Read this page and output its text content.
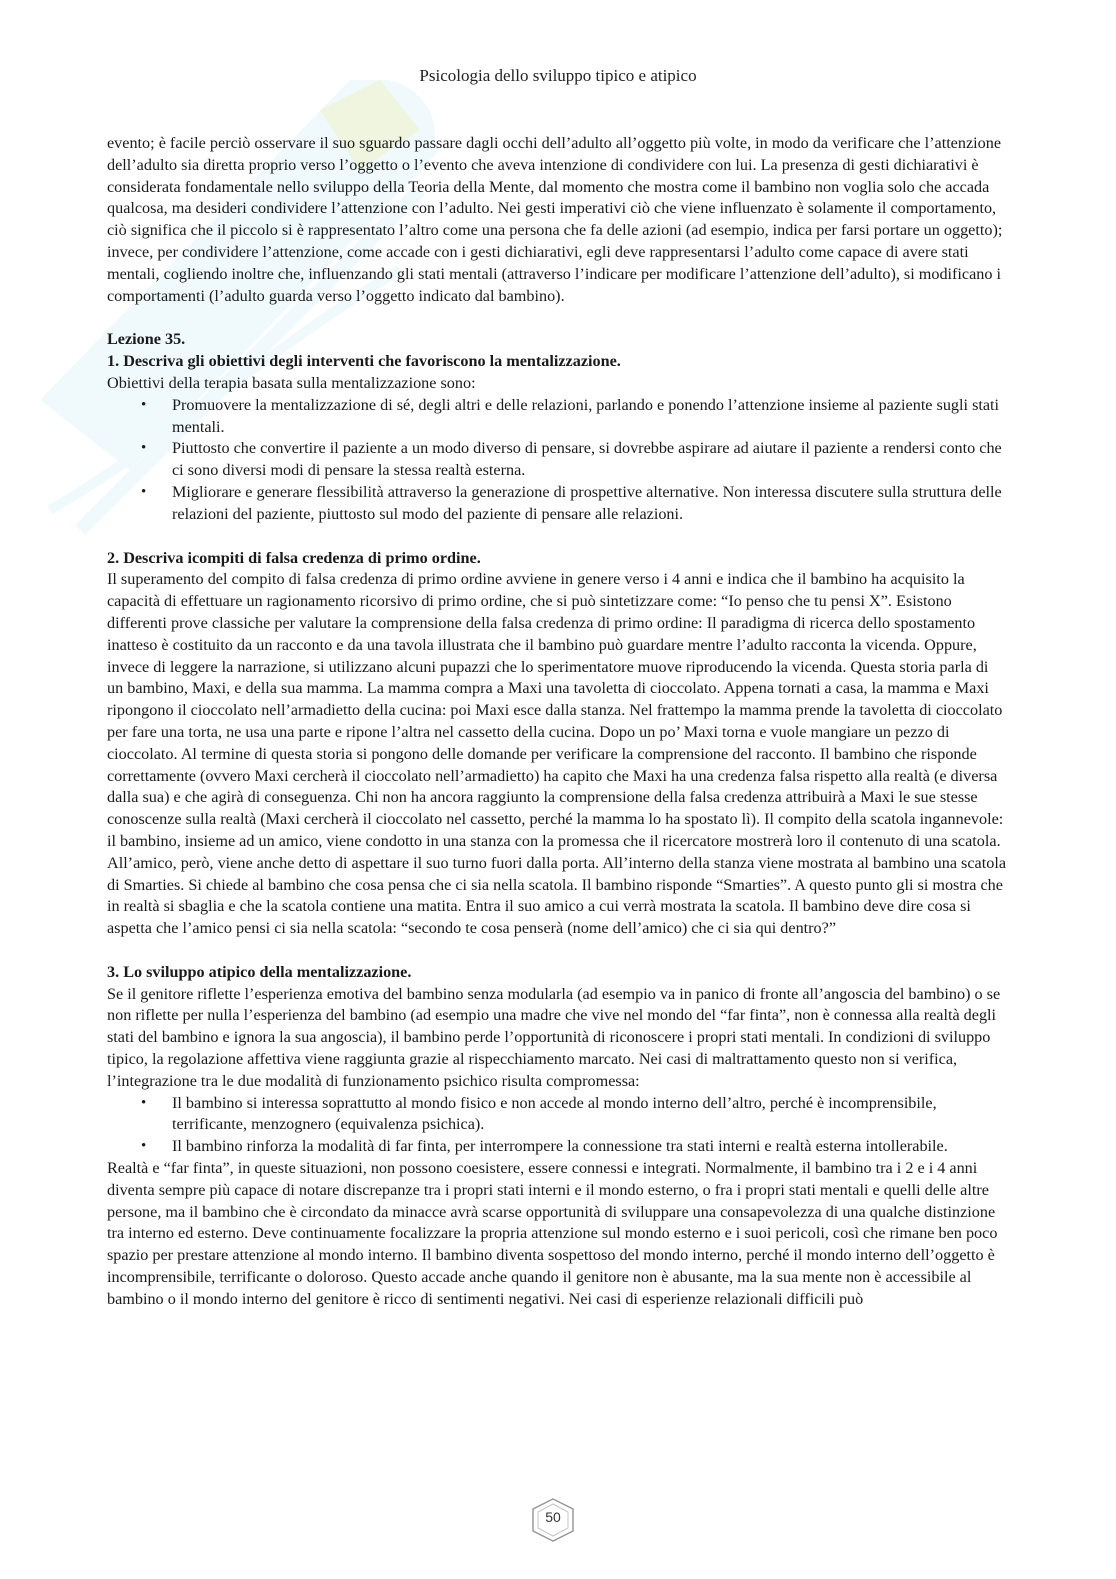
Psicologia dello sviluppo tipico e atipico

evento; è facile perciò osservare il suo sguardo passare dagli occhi dell’adulto all’oggetto più volte, in modo da verificare che l’attenzione dell’adulto sia diretta proprio verso l’oggetto o l’evento che aveva intenzione di condividere con lui. La presenza di gesti dichiarativi è considerata fondamentale nello sviluppo della Teoria della Mente, dal momento che mostra come il bambino non voglia solo che accada qualcosa, ma desideri condividere l’attenzione con l’adulto. Nei gesti imperativi ciò che viene influenzato è solamente il comportamento, ciò significa che il piccolo si è rappresentato l’altro come una persona che fa delle azioni (ad esempio, indica per farsi portare un oggetto); invece, per condividere l’attenzione, come accade con i gesti dichiarativi, egli deve rappresentarsi l’adulto come capace di avere stati mentali, cogliendo inoltre che, influenzando gli stati mentali (attraverso l’indicare per modificare l’attenzione dell’adulto), si modificano i comportamenti (l’adulto guarda verso l’oggetto indicato dal bambino).

Lezione 35.

1. Descriva gli obiettivi degli interventi che favoriscono la mentalizzazione.

Obiettivi della terapia basata sulla mentalizzazione sono:

• Promuovere la mentalizzazione di sé, degli altri e delle relazioni, parlando e ponendo l’attenzione insieme al paziente sugli stati mentali.
• Piuttosto che convertire il paziente a un modo diverso di pensare, si dovrebbe aspirare ad aiutare il paziente a rendersi conto che ci sono diversi modi di pensare la stessa realtà esterna.
• Migliorare e generare flessibilità attraverso la generazione di prospettive alternative. Non interessa discutere sulla struttura delle relazioni del paziente, piuttosto sul modo del paziente di pensare alle relazioni.

2. Descriva icompiti di falsa credenza di primo ordine.

Il superamento del compito di falsa credenza di primo ordine avviene in genere verso i 4 anni e indica che il bambino ha acquisito la capacità di effettuare un ragionamento ricorsivo di primo ordine, che si può sintetizzare come: “Io penso che tu pensi X”. Esistono differenti prove classiche per valutare la comprensione della falsa credenza di primo ordine: Il paradigma di ricerca dello spostamento inatteso è costituito da un racconto e da una tavola illustrata che il bambino può guardare mentre l’adulto racconta la vicenda. Oppure, invece di leggere la narrazione, si utilizzano alcuni pupazzi che lo sperimentatore muove riproducendo la vicenda. Questa storia parla di un bambino, Maxi, e della sua mamma. La mamma compra a Maxi una tavoletta di cioccolato. Appena tornati a casa, la mamma e Maxi ripongono il cioccolato nell’armadietto della cucina: poi Maxi esce dalla stanza. Nel frattempo la mamma prende la tavoletta di cioccolato per fare una torta, ne usa una parte e ripone l’altra nel cassetto della cucina. Dopo un po’ Maxi torna e vuole mangiare un pezzo di cioccolato. Al termine di questa storia si pongono delle domande per verificare la comprensione del racconto. Il bambino che risponde correttamente (ovvero Maxi cercherà il cioccolato nell’armadietto) ha capito che Maxi ha una credenza falsa rispetto alla realtà (e diversa dalla sua) e che agirà di conseguenza. Chi non ha ancora raggiunto la comprensione della falsa credenza attribuirà a Maxi le sue stesse conoscenze sulla realtà (Maxi cercherà il cioccolato nel cassetto, perché la mamma lo ha spostato lì). Il compito della scatola ingannevole: il bambino, insieme ad un amico, viene condotto in una stanza con la promessa che il ricercatore mostrerà loro il contenuto di una scatola. All’amico, però, viene anche detto di aspettare il suo turno fuori dalla porta. All’interno della stanza viene mostrata al bambino una scatola di Smarties. Si chiede al bambino che cosa pensa che ci sia nella scatola. Il bambino risponde “Smarties”. A questo punto gli si mostra che in realtà si sbaglia e che la scatola contiene una matita. Entra il suo amico a cui verrà mostrata la scatola. Il bambino deve dire cosa si aspetta che l’amico pensi ci sia nella scatola: “secondo te cosa penserà (nome dell’amico) che ci sia qui dentro?”

3. Lo sviluppo atipico della mentalizzazione.

Se il genitore riflette l’esperienza emotiva del bambino senza modularla (ad esempio va in panico di fronte all’angoscia del bambino) o se non riflette per nulla l’esperienza del bambino (ad esempio una madre che vive nel mondo del “far finta”, non è connessa alla realtà degli stati del bambino e ignora la sua angoscia), il bambino perde l’opportunità di riconoscere i propri stati mentali. In condizioni di sviluppo tipico, la regolazione affettiva viene raggiunta grazie al rispecchiamento marcato. Nei casi di maltrattamento questo non si verifica, l’integrazione tra le due modalità di funzionamento psichico risulta compromessa:

• Il bambino si interessa soprattutto al mondo fisico e non accede al mondo interno dell’altro, perché è incomprensibile, terrificante, menzognero (equivalenza psichica).
• Il bambino rinforza la modalità di far finta, per interrompere la connessione tra stati interni e realtà esterna intollerabile.

Realtà e “far finta”, in queste situazioni, non possono coesistere, essere connessi e integrati. Normalmente, il bambino tra i 2 e i 4 anni diventa sempre più capace di notare discrepanze tra i propri stati interni e il mondo esterno, o fra i propri stati mentali e quelli delle altre persone, ma il bambino che è circondato da minacce avrà scarse opportunità di sviluppare una consapevolezza di una qualche distinzione tra interno ed esterno. Deve continuamente focalizzare la propria attenzione sul mondo esterno e i suoi pericoli, così che rimane ben poco spazio per prestare attenzione al mondo interno. Il bambino diventa sospettoso del mondo interno, perché il mondo interno dell’oggetto è incomprensibile, terrificante o doloroso. Questo accade anche quando il genitore non è abusante, ma la sua mente non è accessibile al bambino o il mondo interno del genitore è ricco di sentimenti negativi. Nei casi di esperienze relazionali difficili può

50
